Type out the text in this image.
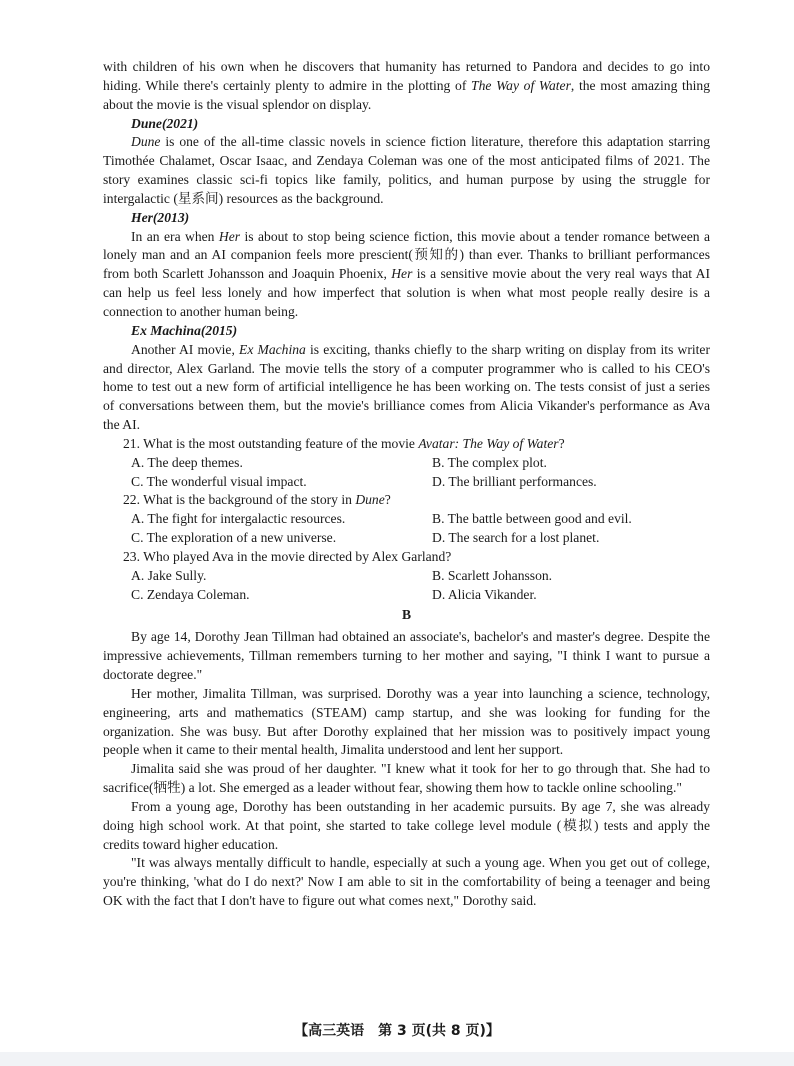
with children of his own when he discovers that humanity has returned to Pandora and decides to go into hiding. While there's certainly plenty to admire in the plotting of The Way of Water, the most amazing thing about the movie is the visual splendor on display.

Dune(2021)

Dune is one of the all-time classic novels in science fiction literature, therefore this adaptation starring Timothée Chalamet, Oscar Isaac, and Zendaya Coleman was one of the most anticipated films of 2021. The story examines classic sci-fi topics like family, politics, and human purpose by using the struggle for intergalactic (星系间) resources as the background.

Her(2013)

In an era when Her is about to stop being science fiction, this movie about a tender romance between a lonely man and an AI companion feels more prescient(预知的) than ever. Thanks to brilliant performances from both Scarlett Johansson and Joaquin Phoenix, Her is a sensitive movie about the very real ways that AI can help us feel less lonely and how imperfect that solution is when what most people really desire is a connection to another human being.

Ex Machina(2015)

Another AI movie, Ex Machina is exciting, thanks chiefly to the sharp writing on display from its writer and director, Alex Garland. The movie tells the story of a computer programmer who is called to his CEO's home to test out a new form of artificial intelligence he has been working on. The tests consist of just a series of conversations between them, but the movie's brilliance comes from Alicia Vikander's performance as Ava the AI.

21. What is the most outstanding feature of the movie Avatar: The Way of Water?

A. The deep themes.	B. The complex plot.
C. The wonderful visual impact.	D. The brilliant performances.

22. What is the background of the story in Dune?

A. The fight for intergalactic resources.	B. The battle between good and evil.
C. The exploration of a new universe.	D. The search for a lost planet.

23. Who played Ava in the movie directed by Alex Garland?

A. Jake Sully.	B. Scarlett Johansson.
C. Zendaya Coleman.	D. Alicia Vikander.
B

By age 14, Dorothy Jean Tillman had obtained an associate's, bachelor's and master's degree. Despite the impressive achievements, Tillman remembers turning to her mother and saying, "I think I want to pursue a doctorate degree."

Her mother, Jimalita Tillman, was surprised. Dorothy was a year into launching a science, technology, engineering, arts and mathematics (STEAM) camp startup, and she was looking for funding for the organization. She was busy. But after Dorothy explained that her mission was to positively impact young people when it came to their mental health, Jimalita understood and lent her support.

Jimalita said she was proud of her daughter. "I knew what it took for her to go through that. She had to sacrifice(牺牲) a lot. She emerged as a leader without fear, showing them how to tackle online schooling."

From a young age, Dorothy has been outstanding in her academic pursuits. By age 7, she was already doing high school work. At that point, she started to take college level module (模拟) tests and apply the credits toward higher education.

"It was always mentally difficult to handle, especially at such a young age. When you get out of college, you're thinking, 'what do I do next?' Now I am able to sit in the comfortability of being a teenager and being OK with the fact that I don't have to figure out what comes next," Dorothy said.

【高三英语　第 3 页(共 8 页)】
